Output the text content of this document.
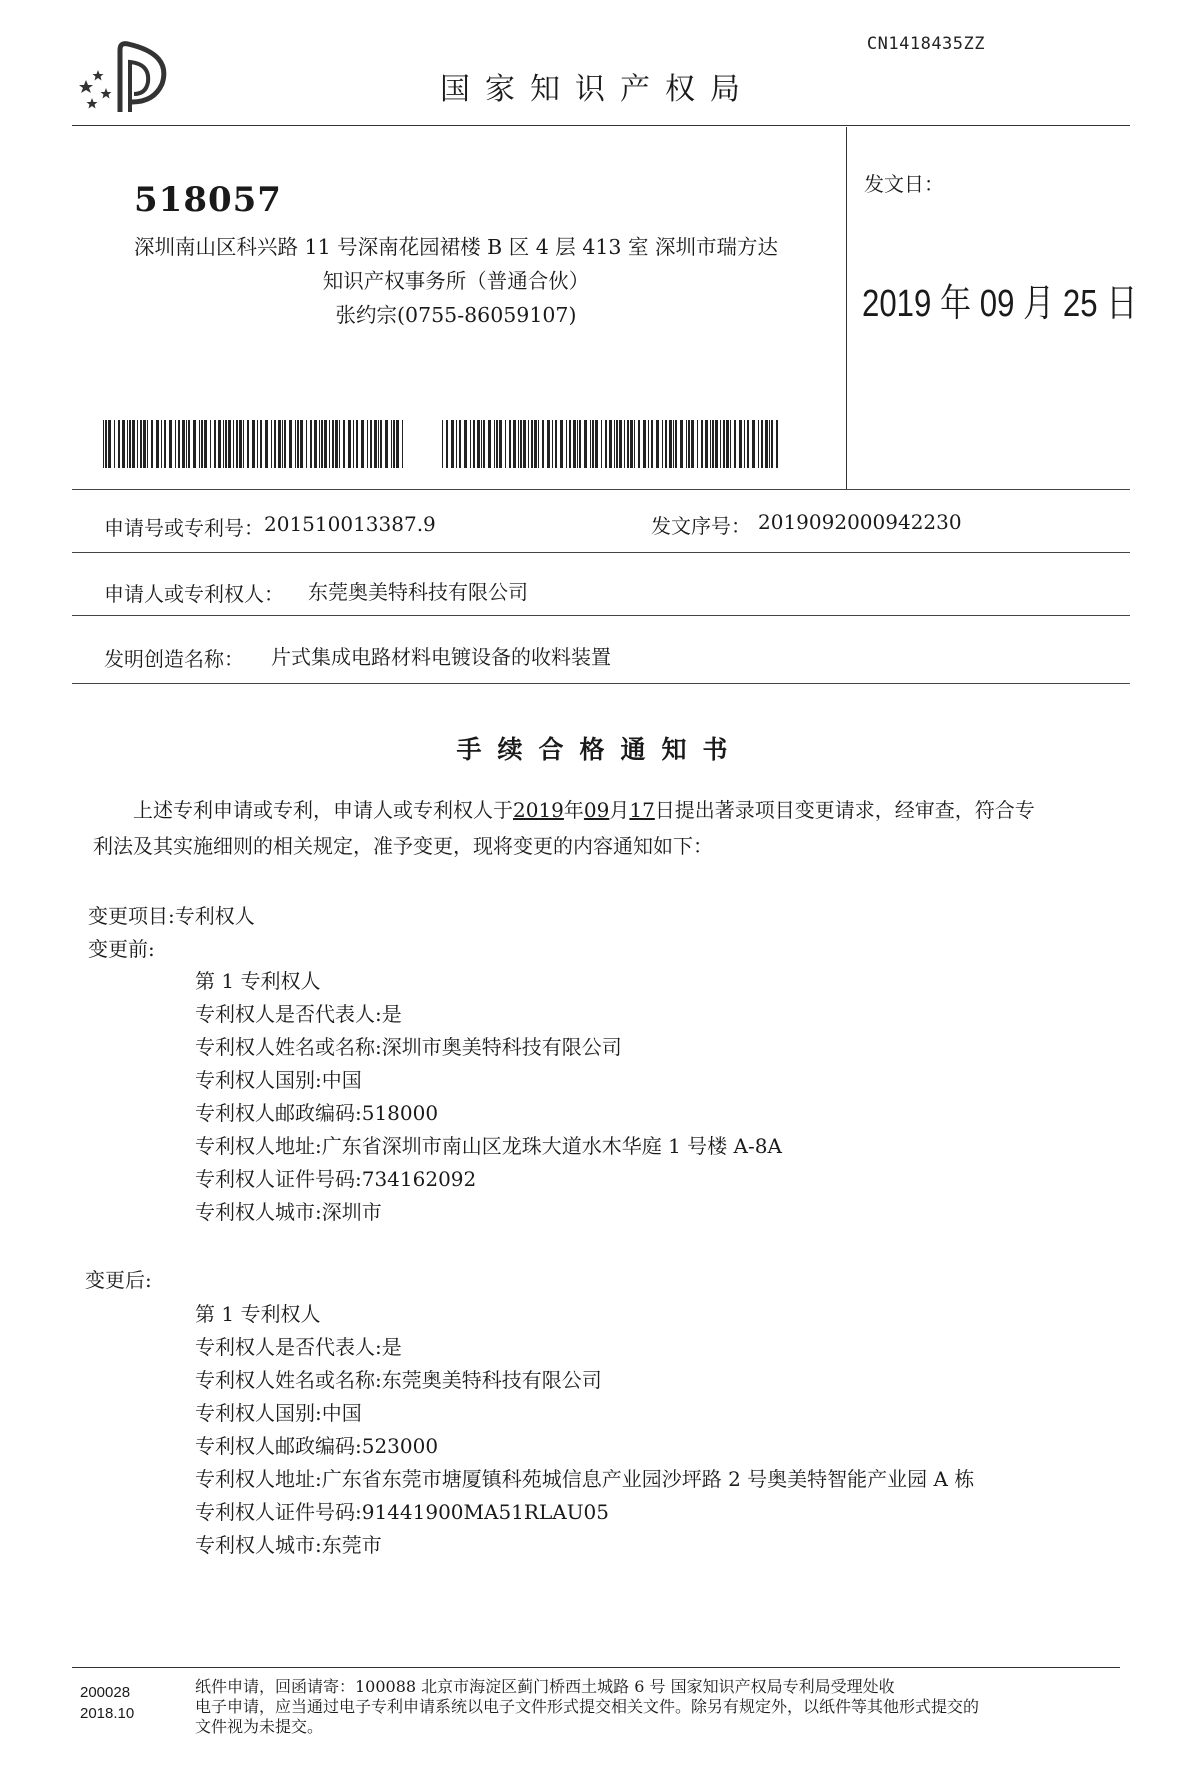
CN1418435ZZ
国家知识产权局
518057
深圳南山区科兴路 11 号深南花园裙楼 B 区 4 层 413 室 深圳市瑞方达
知识产权事务所（普通合伙）
张约宗(0755-86059107)
发文日：
2019 年 09 月 25 日
申请号或专利号： 201510013387.9	发文序号： 2019092000942230
申请人或专利权人： 东莞奥美特科技有限公司
发明创造名称： 片式集成电路材料电镀设备的收料装置
手续合格通知书
上述专利申请或专利，申请人或专利权人于2019年09月17日提出著录项目变更请求，经审查，符合专
利法及其实施细则的相关规定，准予变更，现将变更的内容通知如下：
变更项目:专利权人
变更前:
第 1 专利权人
专利权人是否代表人:是
专利权人姓名或名称:深圳市奥美特科技有限公司
专利权人国别:中国
专利权人邮政编码:518000
专利权人地址:广东省深圳市南山区龙珠大道水木华庭 1 号楼 A-8A
专利权人证件号码:734162092
专利权人城市:深圳市
变更后:
第 1 专利权人
专利权人是否代表人:是
专利权人姓名或名称:东莞奥美特科技有限公司
专利权人国别:中国
专利权人邮政编码:523000
专利权人地址:广东省东莞市塘厦镇科苑城信息产业园沙坪路 2 号奥美特智能产业园 A 栋
专利权人证件号码:91441900MA51RLAU05
专利权人城市:东莞市
200028
2018.10
纸件申请，回函请寄：100088 北京市海淀区蓟门桥西土城路 6 号 国家知识产权局专利局受理处收
电子申请，应当通过电子专利申请系统以电子文件形式提交相关文件。除另有规定外，以纸件等其他形式提交的
文件视为未提交。
